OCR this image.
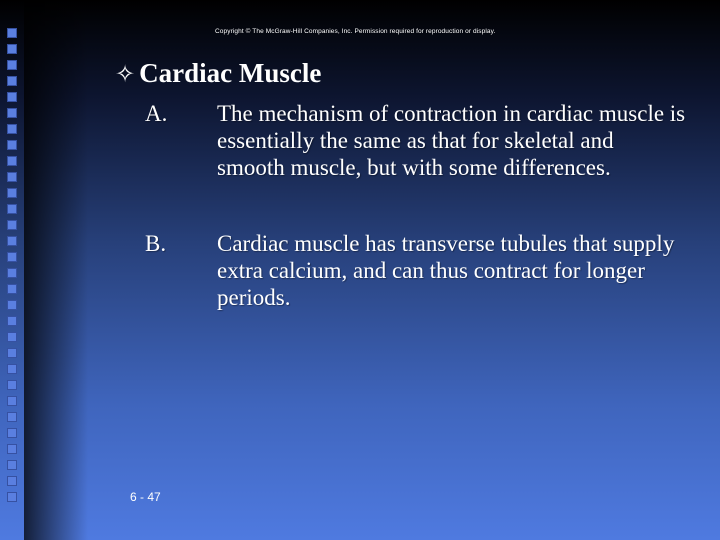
Copyright © The McGraw-Hill Companies, Inc. Permission required for reproduction or display.
✧ Cardiac Muscle
A. The mechanism of contraction in cardiac muscle is essentially the same as that for skeletal and smooth muscle, but with some differences.
B. Cardiac muscle has transverse tubules that supply extra calcium, and can thus contract for longer periods.
6 - 47
